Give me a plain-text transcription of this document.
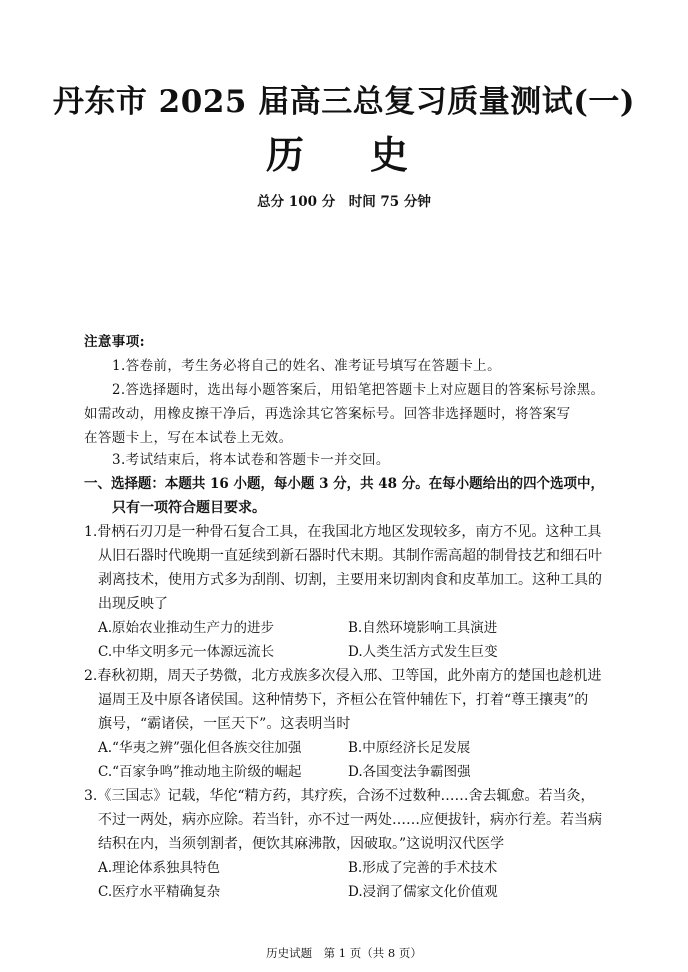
丹东市 2025 届高三总复习质量测试(一)
历　史
总分 100 分　时间 75 分钟
注意事项:
1.答卷前，考生务必将自己的姓名、准考证号填写在答题卡上。
2.答选择题时，选出每小题答案后，用铅笔把答题卡上对应题目的答案标号涂黑。
如需改动，用橡皮擦干净后，再选涂其它答案标号。回答非选择题时，将答案写
在答题卡上，写在本试卷上无效。
3.考试结束后，将本试卷和答题卡一并交回。
一、选择题：本题共 16 小题，每小题 3 分，共 48 分。在每小题给出的四个选项中，
只有一项符合题目要求。
1.骨柄石刃刀是一种骨石复合工具，在我国北方地区发现较多，南方不见。这种工具
从旧石器时代晚期一直延续到新石器时代末期。其制作需高超的制骨技艺和细石叶
剥离技术，使用方式多为刮削、切割，主要用来切割肉食和皮革加工。这种工具的
出现反映了
A.原始农业推动生产力的进步	B.自然环境影响工具演进
C.中华文明多元一体源远流长	D.人类生活方式发生巨变
2.春秋初期，周天子势微，北方戎族多次侵入邢、卫等国，此外南方的楚国也趁机进
逼周王及中原各诸侯国。这种情势下，齐桓公在管仲辅佐下，打着“尊王攘夷”的
旗号，“霸诸侯，一匡天下”。这表明当时
A.“华夷之辨”强化但各族交往加强	B.中原经济长足发展
C.“百家争鸣”推动地主阶级的崛起	D.各国变法争霸图强
3.《三国志》记载，华佗“精方药，其疗疾，合汤不过数种……舍去辄愈。若当灸，
不过一两处，病亦应除。若当针，亦不过一两处……应便拔针，病亦行差。若当病
结积在内，当须刳割者，便饮其麻沸散，因破取。”这说明汉代医学
A.理论体系独具特色	B.形成了完善的手术技术
C.医疗水平精确复杂	D.浸润了儒家文化价值观
历史试题　第 1 页（共 8 页）
